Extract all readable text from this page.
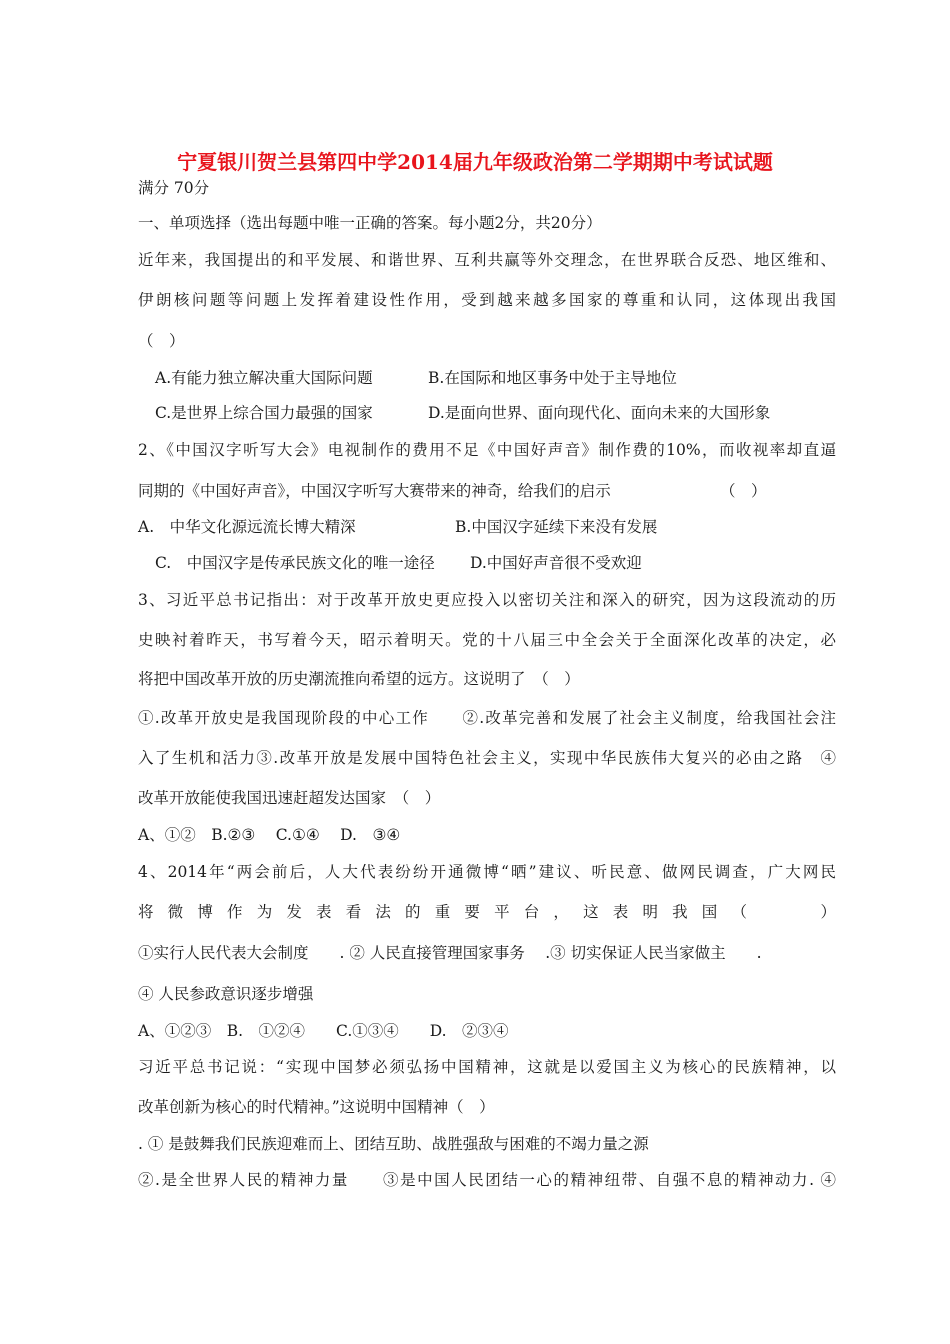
宁夏银川贺兰县第四中学2014届九年级政治第二学期期中考试试题
满分 70分
一、单项选择（选出每题中唯一正确的答案。每小题2分，共20分）
近年来，我国提出的和平发展、和谐世界、互利共赢等外交理念，在世界联合反恐、地区维和、
伊朗核问题等问题上发挥着建设性作用，受到越来越多国家的尊重和认同，这体现出我国
（　）
A.有能力独立解决重大国际问题	B.在国际和地区事务中处于主导地位
C.是世界上综合国力最强的国家	D.是面向世界、面向现代化、面向未来的大国形象
2、《中国汉字听写大会》电视制作的费用不足《中国好声音》制作费的10%，而收视率却直逼
同期的《中国好声音》，中国汉字听写大赛带来的神奇，给我们的启示	（　）
A.　中华文化源远流长博大精深	B.中国汉字延续下来没有发展
C.　中国汉字是传承民族文化的唯一途径 D.中国好声音很不受欢迎
3、习近平总书记指出：对于改革开放史更应投入以密切关注和深入的研究，因为这段流动的历
史映衬着昨天，书写着今天，昭示着明天。党的十八届三中全会关于全面深化改革的决定，必
将把中国改革开放的历史潮流推向希望的远方。这说明了　（　）
①.改革开放史是我国现阶段的中心工作　　②.改革完善和发展了社会主义制度，给我国社会注
入了生机和活力③.改革开放是发展中国特色社会主义，实现中华民族伟大复兴的必由之路　④
改革开放能使我国迅速赶超发达国家　（　）
A、①②　B.②③　 C.①④　 D.　③④
4、2014年“两会前后，人大代表纷纷开通微博“晒”建议、听民意、做网民调查，广大网民
将微博作为发表看法的重要平台，这表明我国（　　）
①实行人民代表大会制度　　. ② 人民直接管理国家事务　 .③ 切实保证人民当家做主　　.
④ 人民参政意识逐步增强
A、①②③　B.　①②④　　C.①③④　　D.　②③④
习近平总书记说：“实现中国梦必须弘扬中国精神，这就是以爱国主义为核心的民族精神，以
改革创新为核心的时代精神。”这说明中国精神（　）
. ① 是鼓舞我们民族迎难而上、团结互助、战胜强敌与困难的不竭力量之源
②.是全世界人民的精神力量　　③是中国人民团结一心的精神纽带、自强不息的精神动力. ④
